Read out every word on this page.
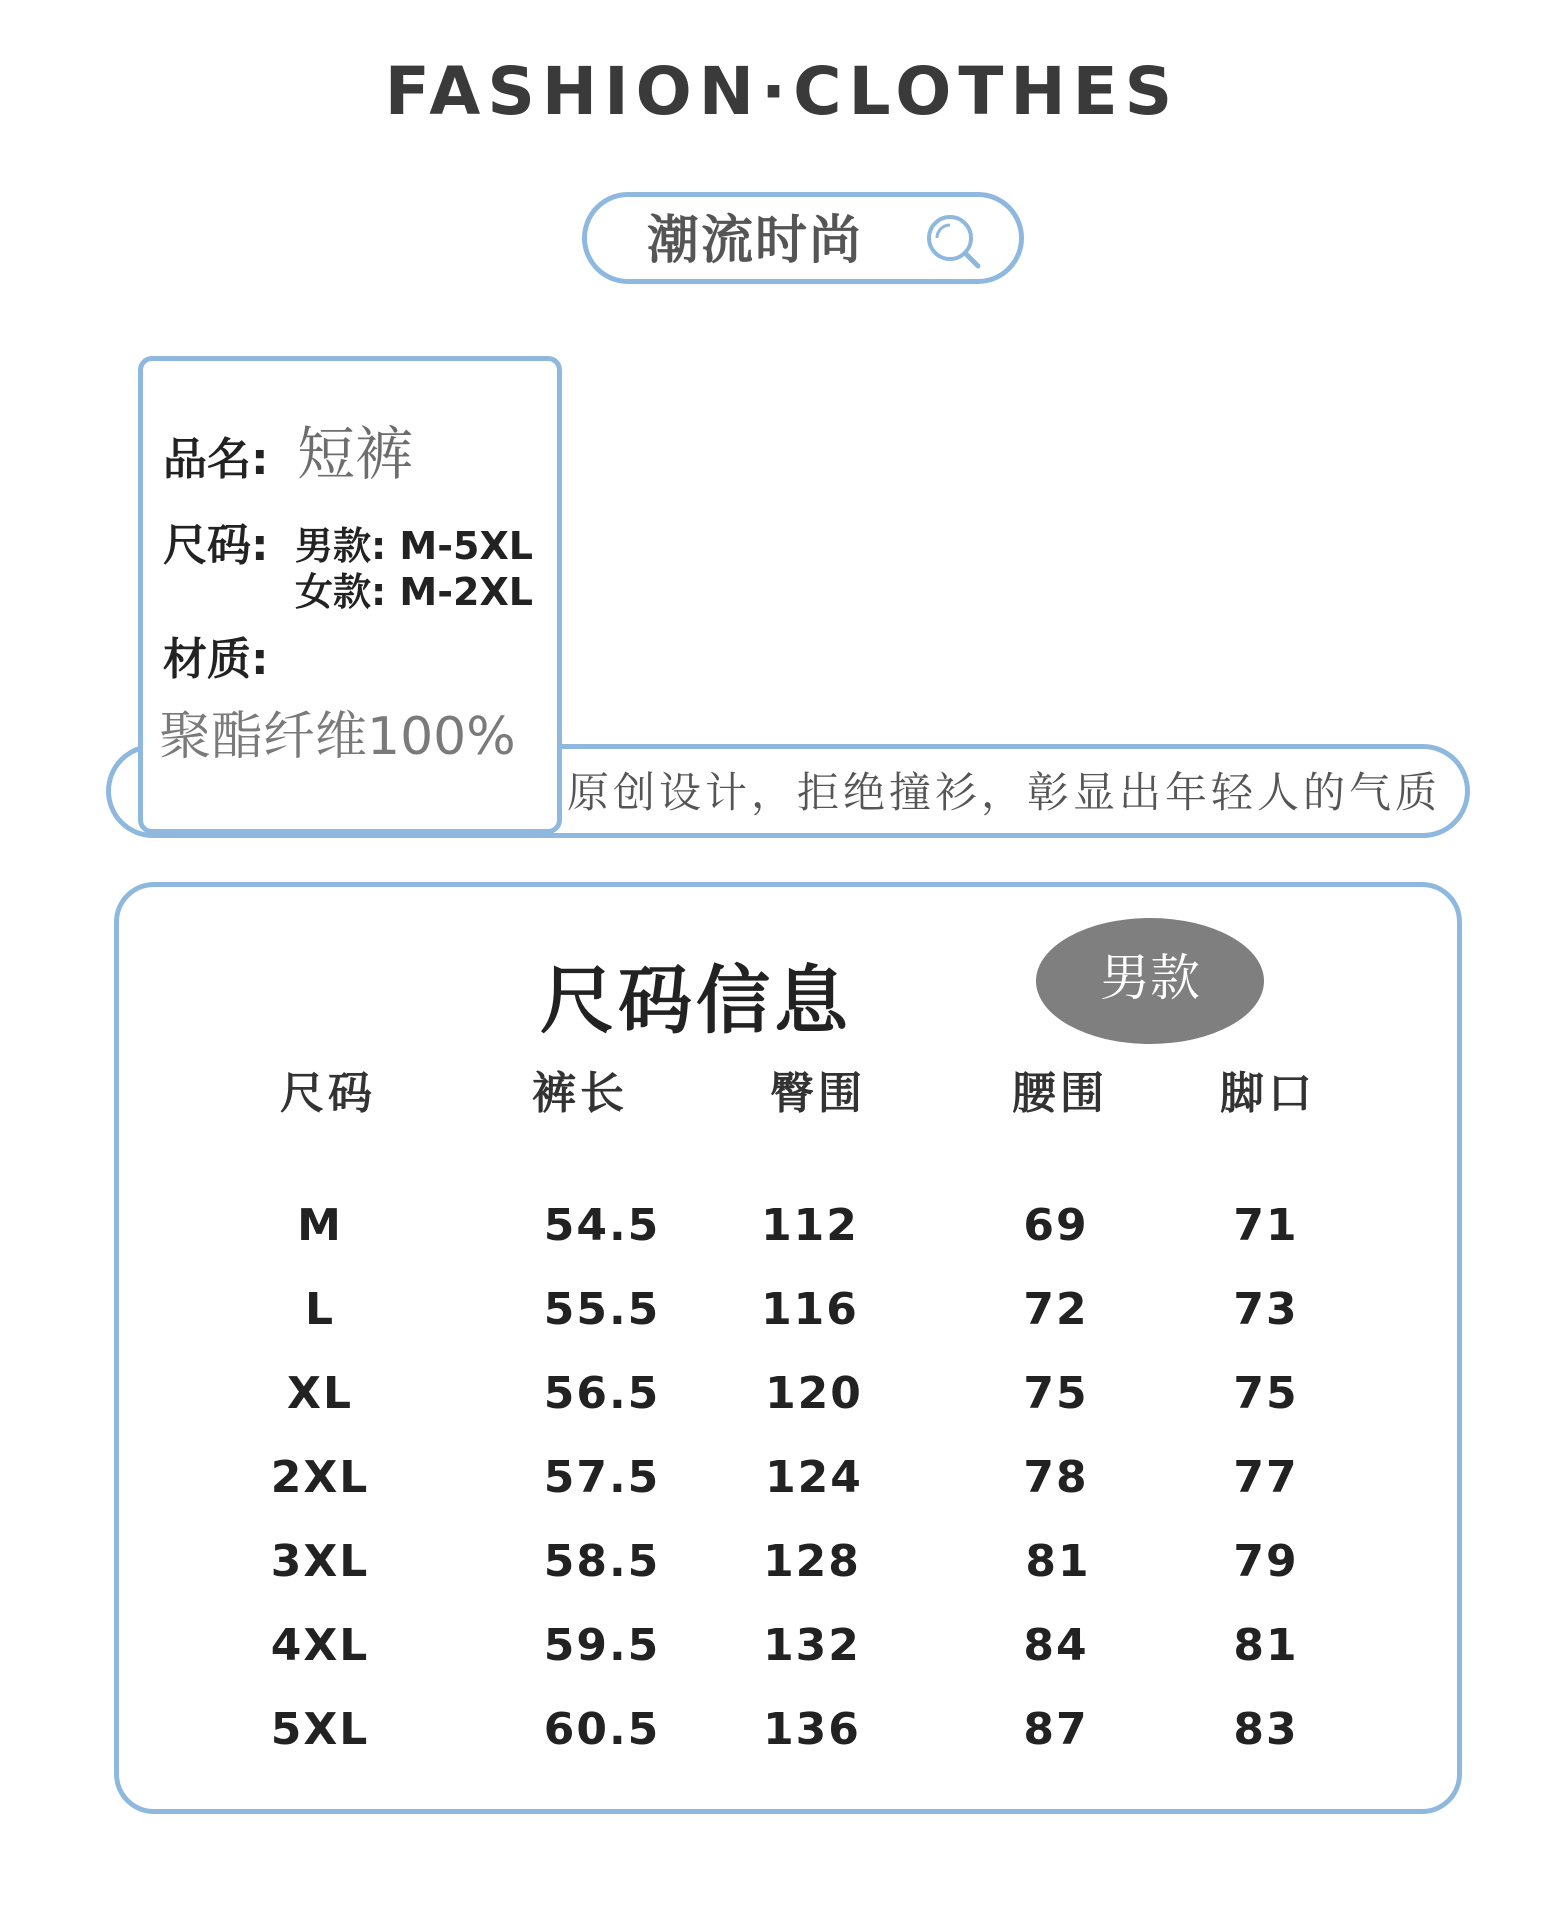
FASHION·CLOTHES
潮流时尚
原创设计，拒绝撞衫，彰显出年轻人的气质
品名: 短裤
尺码: 男款: M-5XL
女款: M-2XL
材质:
聚酯纤维100%
尺码信息	男款
尺码	裤长	臀围	腰围	脚口
M	54.5	112	69	71
L	55.5	116	72	73
XL	56.5	120	75	75
2XL	57.5	124	78	77
3XL	58.5	128	81	79
4XL	59.5	132	84	81
5XL	60.5	136	87	83
